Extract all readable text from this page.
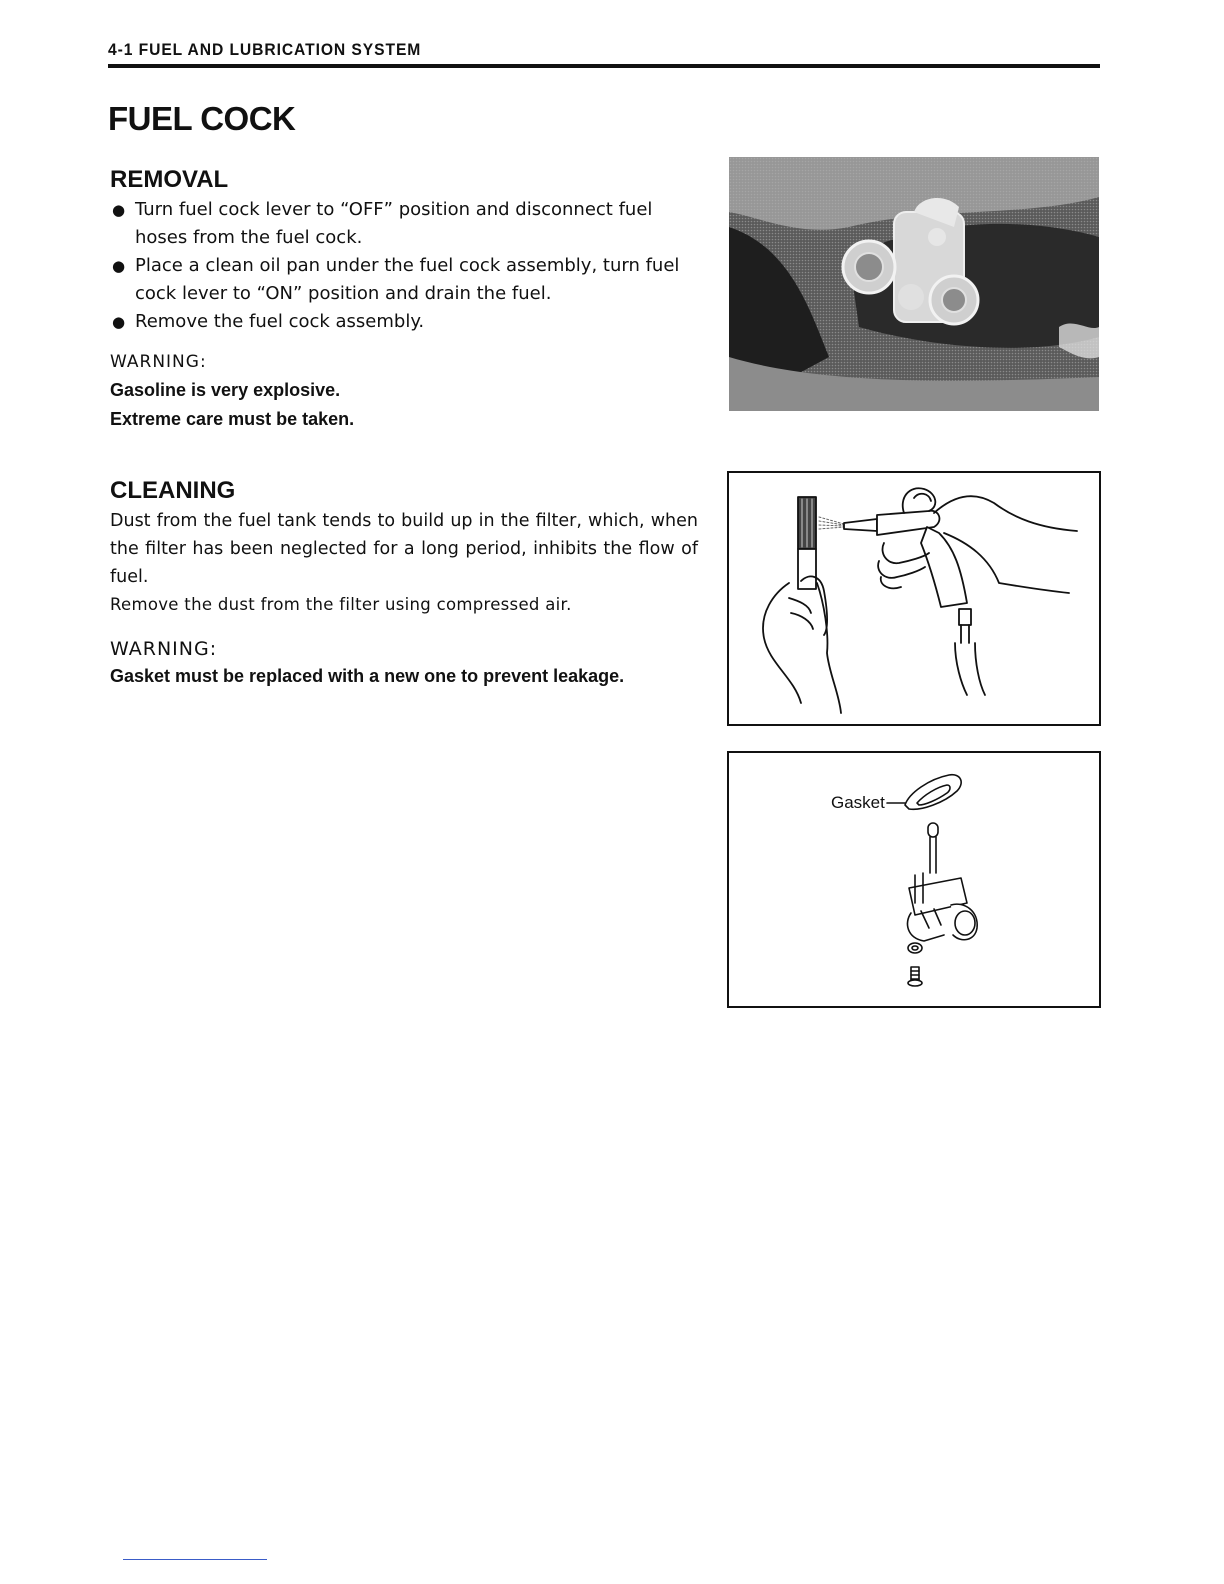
4-1 FUEL AND LUBRICATION SYSTEM
FUEL COCK
REMOVAL
● Turn fuel cock lever to “OFF” position and disconnect fuel hoses from the fuel cock.
● Place a clean oil pan under the fuel cock assembly, turn fuel cock lever to “ON” position and drain the fuel.
● Remove the fuel cock assembly.

WARNING:

Gasoline is very explosive.
Extreme care must be taken.
CLEANING

Dust from the fuel tank tends to build up in the filter, which, when the filter has been neglected for a long period, inhibits the flow of fuel.

Remove the dust from the filter using compressed air.

WARNING:

Gasket must be replaced with a new one to prevent leakage.

Gasket
